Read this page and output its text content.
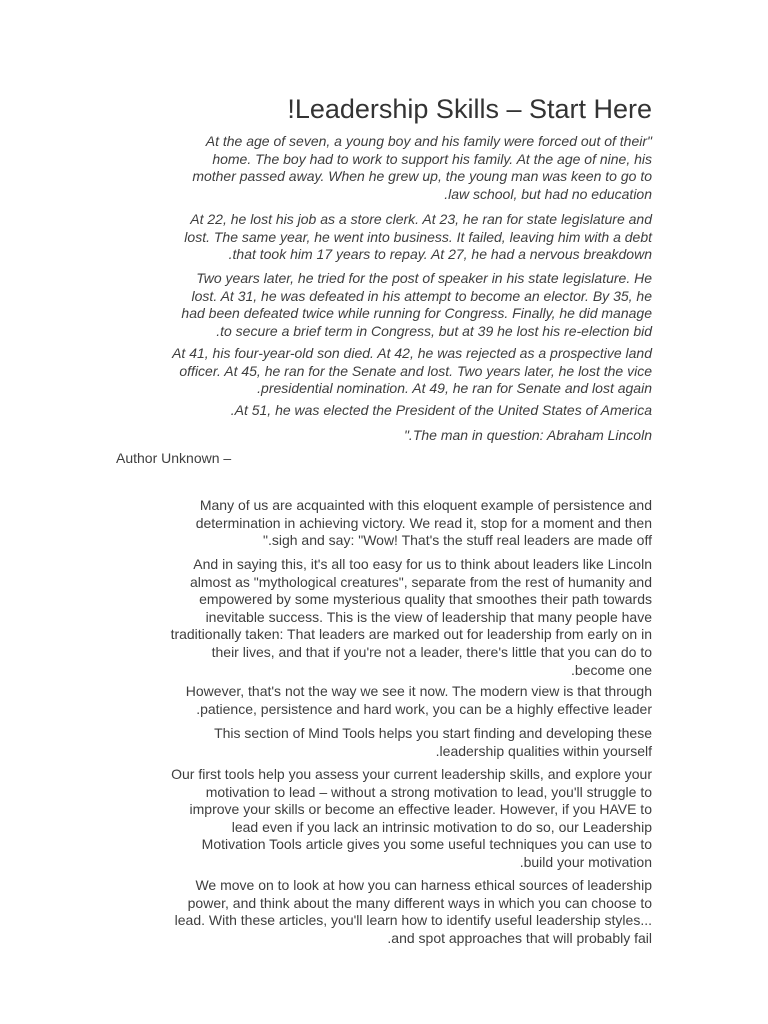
!Leadership Skills – Start Here

At the age of seven, a young boy and his family were forced out of their"

home. The boy had to work to support his family. At the age of nine, his

mother passed away. When he grew up, the young man was keen to go to

.law school, but had no education

At 22, he lost his job as a store clerk. At 23, he ran for state legislature and

lost. The same year, he went into business. It failed, leaving him with a debt

.that took him 17 years to repay. At 27, he had a nervous breakdown

Two years later, he tried for the post of speaker in his state legislature. He

lost. At 31, he was defeated in his attempt to become an elector. By 35, he

had been defeated twice while running for Congress. Finally, he did manage

.to secure a brief term in Congress, but at 39 he lost his re-election bid

At 41, his four-year-old son died. At 42, he was rejected as a prospective land

officer. At 45, he ran for the Senate and lost. Two years later, he lost the vice

.presidential nomination. At 49, he ran for Senate and lost again

.At 51, he was elected the President of the United States of America

".The man in question: Abraham Lincoln

Author Unknown –

Many of us are acquainted with this eloquent example of persistence and

determination in achieving victory. We read it, stop for a moment and then

".sigh and say: "Wow! That's the stuff real leaders are made off

And in saying this, it's all too easy for us to think about leaders like Lincoln

almost as "mythological creatures", separate from the rest of humanity and

empowered by some mysterious quality that smoothes their path towards

inevitable success. This is the view of leadership that many people have

traditionally taken: That leaders are marked out for leadership from early on in

their lives, and that if you're not a leader, there's little that you can do to

.become one

However, that's not the way we see it now. The modern view is that through

.patience, persistence and hard work, you can be a highly effective leader

This section of Mind Tools helps you start finding and developing these

.leadership qualities within yourself

Our first tools help you assess your current leadership skills, and explore your

motivation to lead – without a strong motivation to lead, you'll struggle to

improve your skills or become an effective leader. However, if you HAVE to

lead even if you lack an intrinsic motivation to do so, our Leadership

Motivation Tools article gives you some useful techniques you can use to

.build your motivation

We move on to look at how you can harness ethical sources of leadership

power, and think about the many different ways in which you can choose to

lead. With these articles, you'll learn how to identify useful leadership styles...

.and spot approaches that will probably fail
